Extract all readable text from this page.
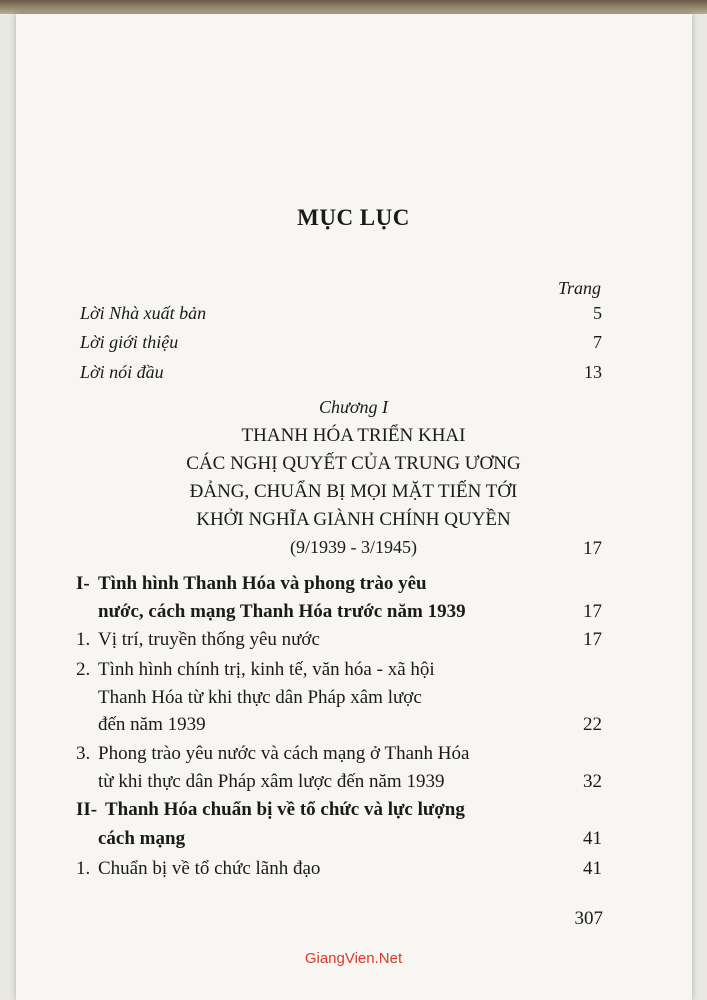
MỤC LỤC
Trang
Lời Nhà xuất bản	5
Lời giới thiệu	7
Lời nói đầu	13
Chương I
THANH HÓA TRIỂN KHAI
CÁC NGHỊ QUYẾT CỦA TRUNG ƯƠNG
ĐẢNG, CHUẨN BỊ MỌI MẶT TIẾN TỚI
KHỞI NGHĨA GIÀNH CHÍNH QUYỀN
(9/1939 - 3/1945)	17
I- Tình hình Thanh Hóa và phong trào yêu
nước, cách mạng Thanh Hóa trước năm 1939	17
1. Vị trí, truyền thống yêu nước	17
2. Tình hình chính trị, kinh tế, văn hóa - xã hội
Thanh Hóa từ khi thực dân Pháp xâm lược
đến năm 1939	22
3. Phong trào yêu nước và cách mạng ở Thanh Hóa
từ khi thực dân Pháp xâm lược đến năm 1939	32
II- Thanh Hóa chuẩn bị về tổ chức và lực lượng
cách mạng	41
1. Chuẩn bị về tổ chức lãnh đạo	41
307
GiangVien.Net
